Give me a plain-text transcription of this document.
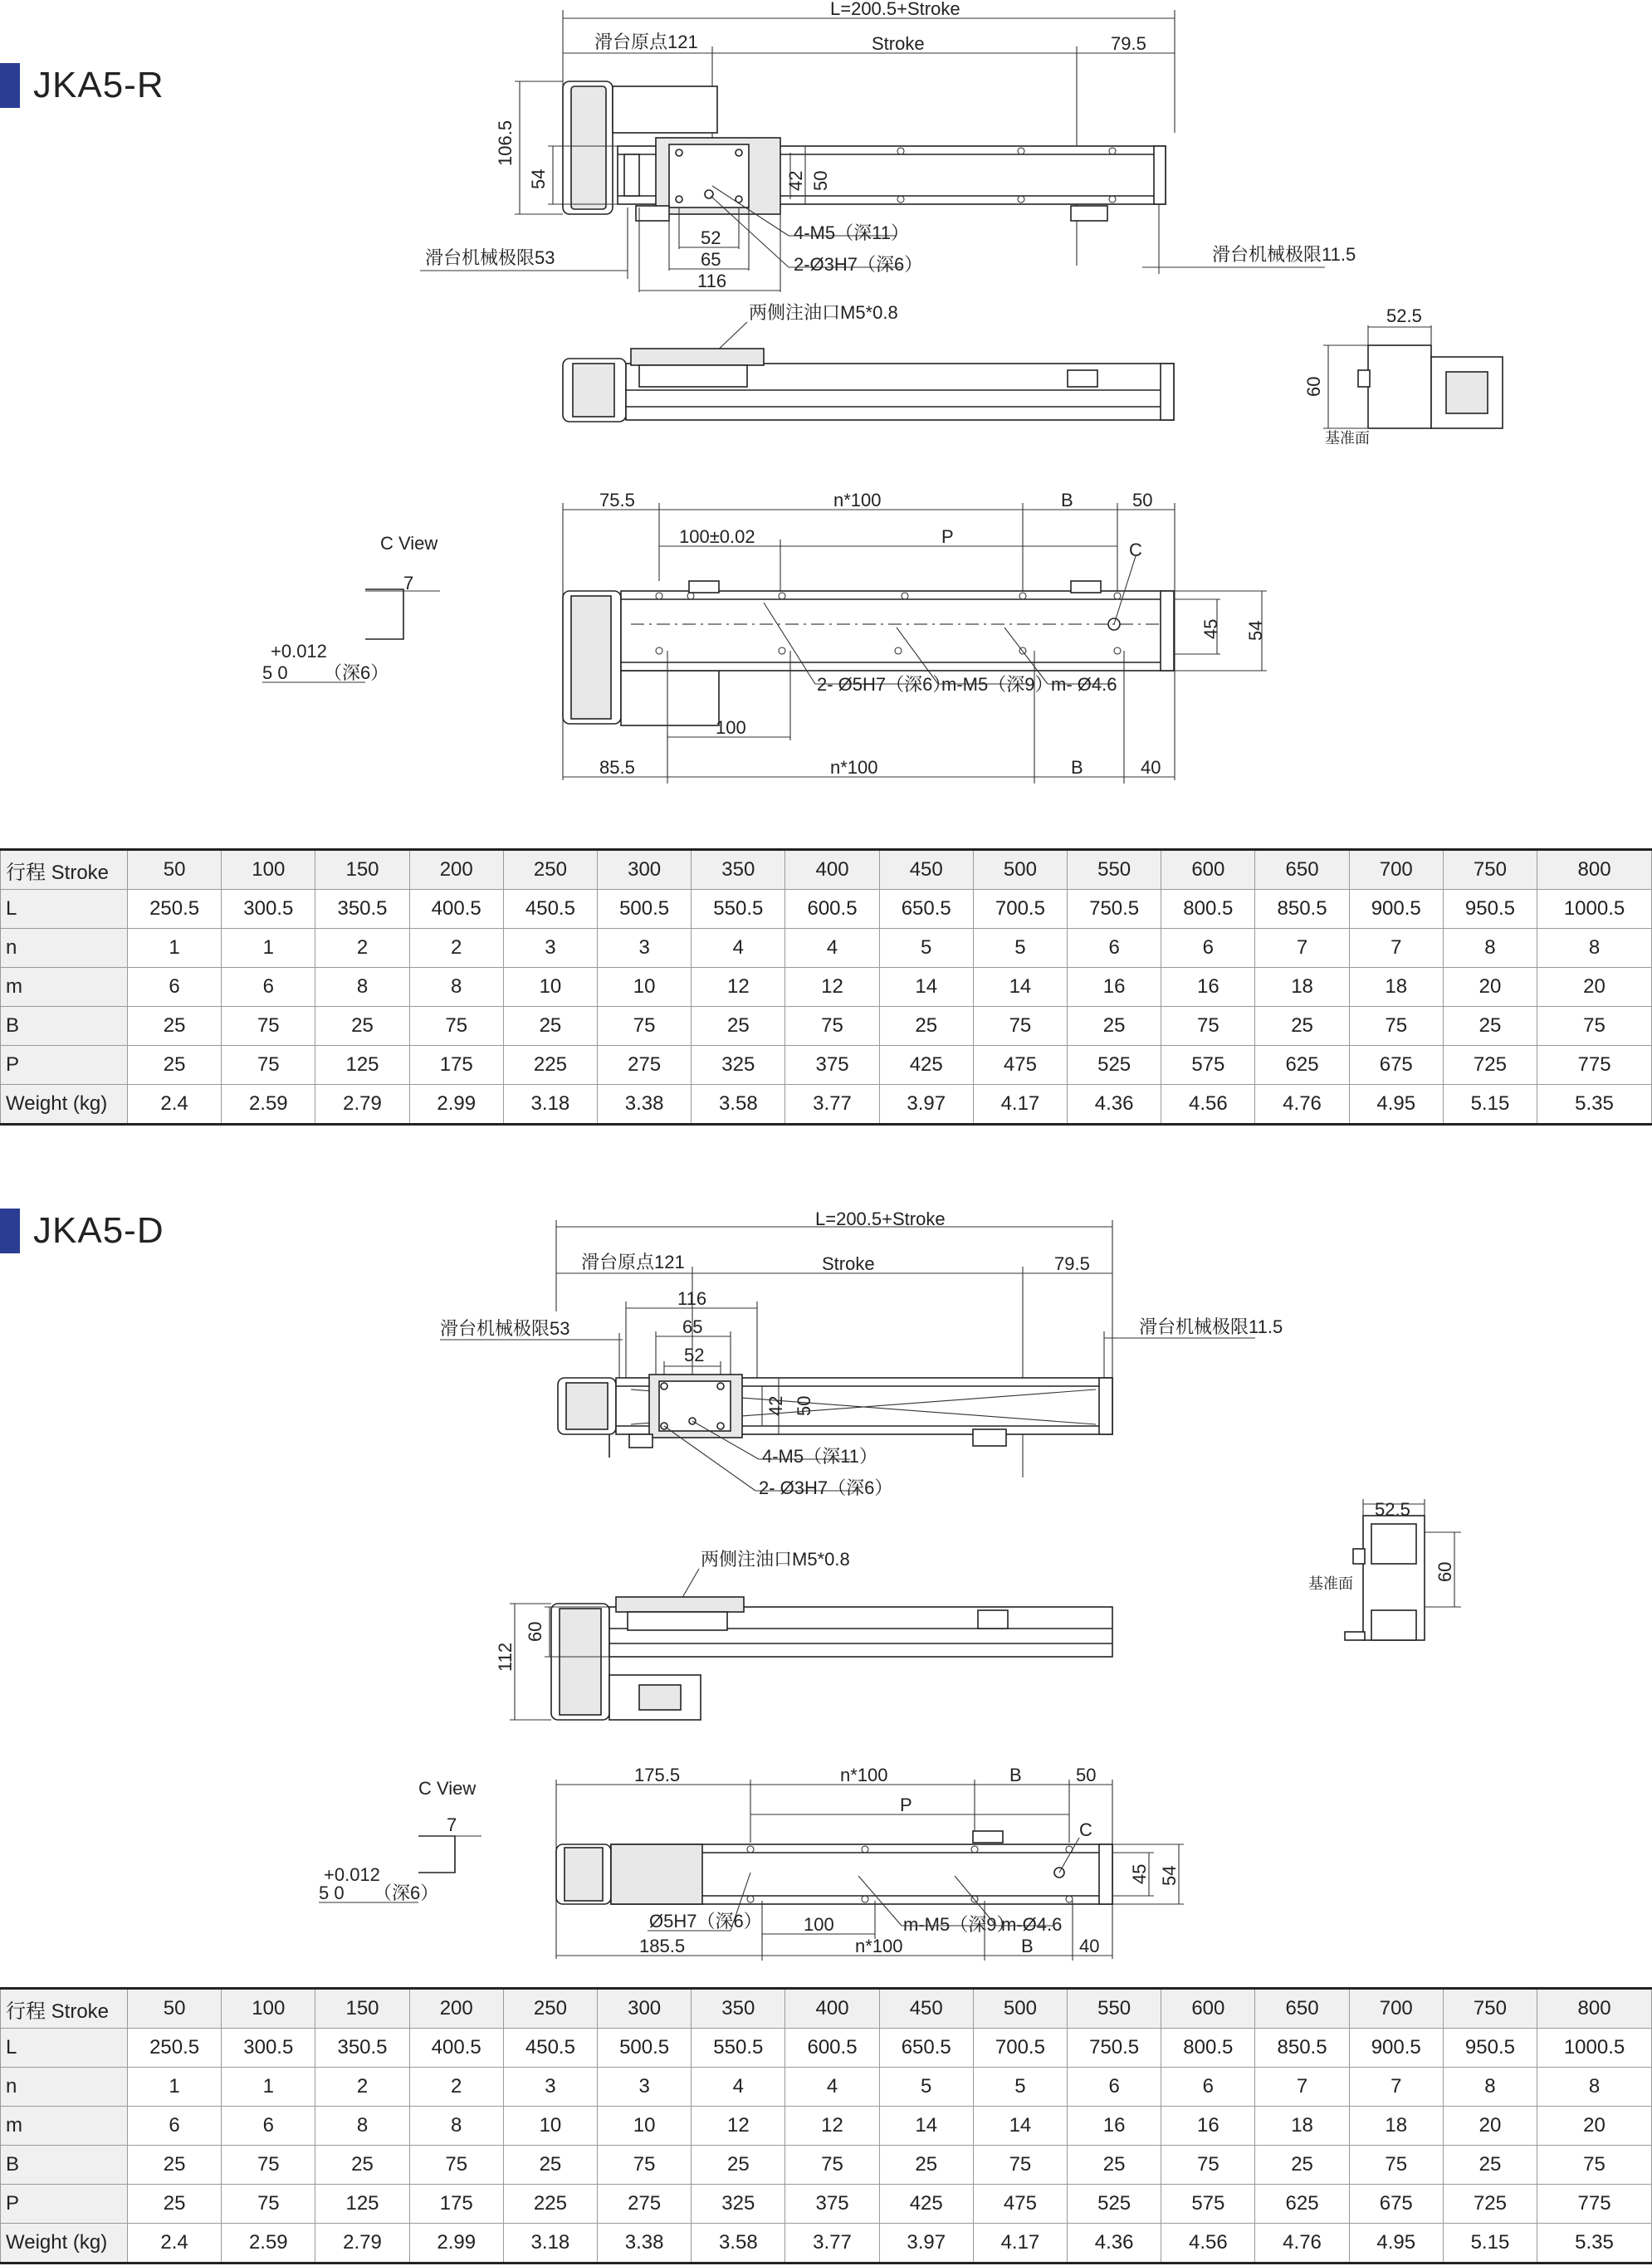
JKA5-R
L=200.5+Stroke
滑台原点121	Stroke	79.5
106.5
54	42 50
52
65
116
4-M5（深11）
2-Ø3H7（深6）
滑台机械极限53	滑台机械极限11.5
两侧注油口M5*0.8	52.5
60
基准面
C View
7
+0.012
5 0 （深6）
75.5	n*100	B	50
100±0.02	P
C
45 54
2- Ø5H7（深6）
m-M5（深9）
m- Ø4.6
100
85.5	n*100	B	40
行程 Stroke	50	100	150	200	250	300	350	400	450	500	550	600	650	700	750	800
L	250.5	300.5	350.5	400.5	450.5	500.5	550.5	600.5	650.5	700.5	750.5	800.5	850.5	900.5	950.5	1000.5
n	1	1	2	2	3	3	4	4	5	5	6	6	7	7	8	8
m	6	6	8	8	10	10	12	12	14	14	16	16	18	18	20	20
B	25	75	25	75	25	75	25	75	25	75	25	75	25	75	25	75
P	25	75	125	175	225	275	325	375	425	475	525	575	625	675	725	775
Weight (kg)	2.4	2.59	2.79	2.99	3.18	3.38	3.58	3.77	3.97	4.17	4.36	4.56	4.76	4.95	5.15	5.35
JKA5-D	L=200.5+Stroke
滑台原点121	Stroke	79.5
116
65
52
滑台机械极限53	滑台机械极限11.5
42 50
4-M5（深11）
2- Ø3H7（深6）
两侧注油口M5*0.8
112
60
52.5
60
基准面
C View
7
+0.012
5 0 （深6）
175.5	n*100	B	50
P
C
45 54
Ø5H7（深6）	m-M5（深9）
m-Ø4.6
100
185.5	n*100	B	40
行程 Stroke	50	100	150	200	250	300	350	400	450	500	550	600	650	700	750	800
L	250.5	300.5	350.5	400.5	450.5	500.5	550.5	600.5	650.5	700.5	750.5	800.5	850.5	900.5	950.5	1000.5
n	1	1	2	2	3	3	4	4	5	5	6	6	7	7	8	8
m	6	6	8	8	10	10	12	12	14	14	16	16	18	18	20	20
B	25	75	25	75	25	75	25	75	25	75	25	75	25	75	25	75
P	25	75	125	175	225	275	325	375	425	475	525	575	625	675	725	775
Weight (kg)	2.4	2.59	2.79	2.99	3.18	3.38	3.58	3.77	3.97	4.17	4.36	4.56	4.76	4.95	5.15	5.35
